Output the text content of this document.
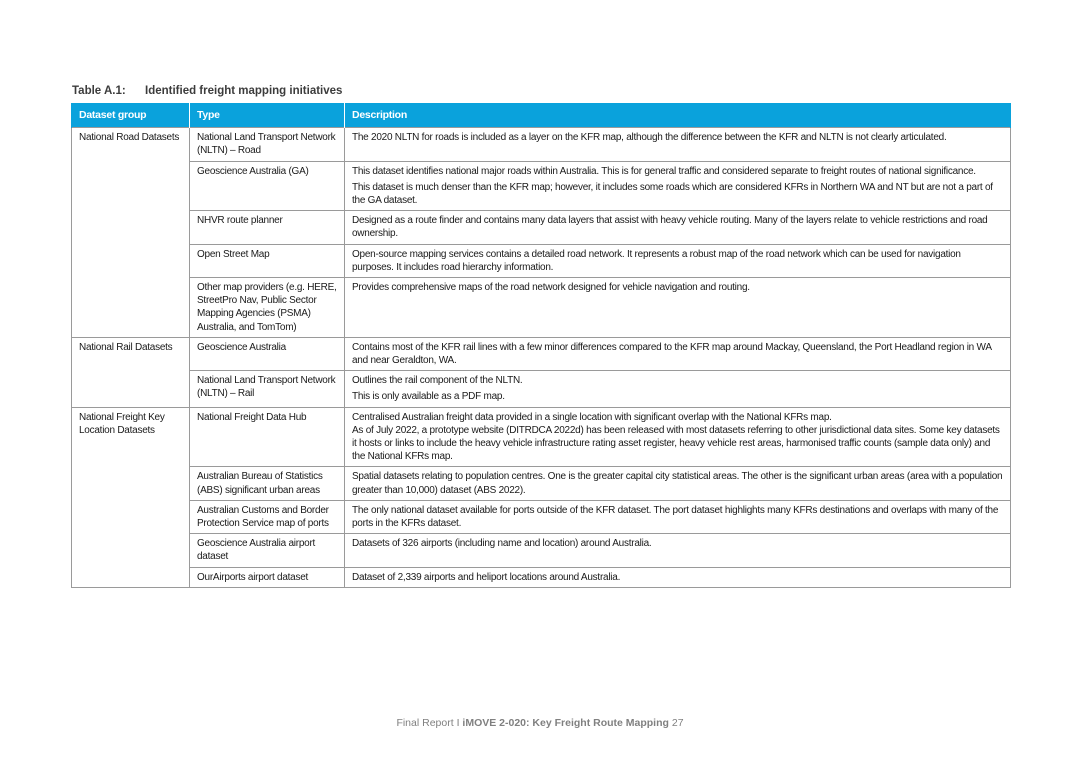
Table A.1: Identified freight mapping initiatives
Dataset group	Type	Description
National Road Datasets	National Land Transport Network (NLTN) – Road	The 2020 NLTN for roads is included as a layer on the KFR map, although the difference between the KFR and NLTN is not clearly articulated.

	Geoscience Australia (GA)	This dataset identifies national major roads within Australia. This is for general traffic and considered separate to freight routes of national significance.

This dataset is much denser than the KFR map; however, it includes some roads which are considered KFRs in Northern WA and NT but are not a part of the GA dataset.

	NHVR route planner	Designed as a route finder and contains many data layers that assist with heavy vehicle routing. Many of the layers relate to vehicle restrictions and road ownership.

	Open Street Map	Open-source mapping services contains a detailed road network. It represents a robust map of the road network which can be used for navigation purposes. It includes road hierarchy information.

	Other map providers (e.g. HERE, StreetPro Nav, Public Sector Mapping Agencies (PSMA) Australia, and TomTom)	Provides comprehensive maps of the road network designed for vehicle navigation and routing.

National Rail Datasets	Geoscience Australia	Contains most of the KFR rail lines with a few minor differences compared to the KFR map around Mackay, Queensland, the Port Headland region in WA and near Geraldton, WA.

	National Land Transport Network (NLTN) – Rail	Outlines the rail component of the NLTN.

This is only available as a PDF map.

National Freight Key Location Datasets	National Freight Data Hub	Centralised Australian freight data provided in a single location with significant overlap with the National KFRs map.
As of July 2022, a prototype website (DITRDCA 2022d) has been released with most datasets referring to other jurisdictional data sites. Some key datasets it hosts or links to include the heavy vehicle infrastructure rating asset register, heavy vehicle rest areas, harmonised traffic counts (sample data only) and the National KFRs map.

	Australian Bureau of Statistics (ABS) significant urban areas	Spatial datasets relating to population centres. One is the greater capital city statistical areas. The other is the significant urban areas (area with a population greater than 10,000) dataset (ABS 2022).

	Australian Customs and Border Protection Service map of ports	The only national dataset available for ports outside of the KFR dataset. The port dataset highlights many KFRs destinations and overlaps with many of the ports in the KFRs dataset.

	Geoscience Australia airport dataset	Datasets of 326 airports (including name and location) around Australia.

	OurAirports airport dataset	Dataset of 2,339 airports and heliport locations around Australia.

Final Report I iMOVE 2-020: Key Freight Route Mapping 27
